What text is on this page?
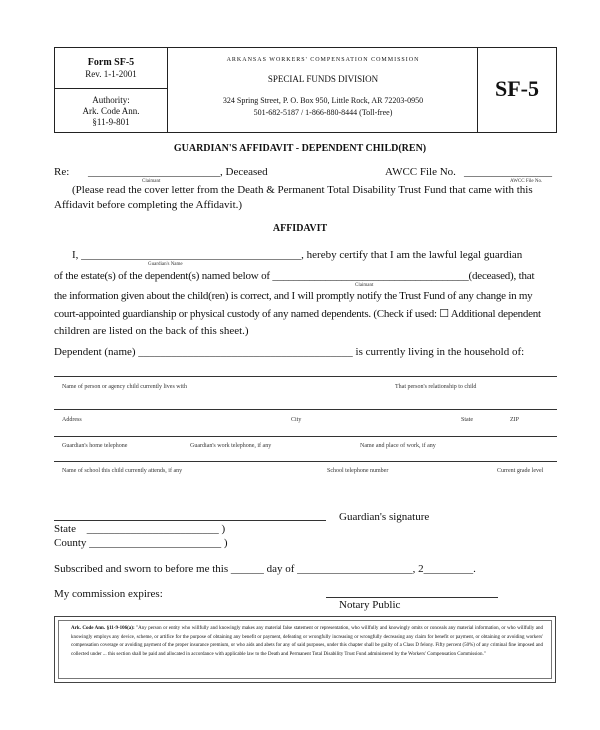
Form SF-5
Rev. 1-1-2001
Authority:
Ark. Code Ann.
§11-9-801
ARKANSAS WORKERS' COMPENSATION COMMISSION
SPECIAL FUNDS DIVISION
324 Spring Street, P. O. Box 950, Little Rock, AR 72203-0950
501-682-5187 / 1-866-880-8444 (Toll-free)
SF-5
GUARDIAN'S AFFIDAVIT - DEPENDENT CHILD(REN)
Re: ________________________, Deceased
Claimant
AWCC File No. ________________
AWCC File No.
(Please read the cover letter from the Death & Permanent Total Disability Trust Fund that came with this
Affidavit before completing the Affidavit.)
AFFIDAVIT
I, ________________________________________, hereby certify that I am the lawful legal guardian
Guardian's Name
of the estate(s) of the dependent(s) named below of _____________________________________(deceased), that
Claimant
the information given about the child(ren) is correct, and I will promptly notify the Trust Fund of any change in my
court-appointed guardianship or physical custody of any named dependents. (Check if used: ☐ Additional dependent
children are listed on the back of this sheet.)
Dependent (name) _______________________________________ is currently living in the household of:
Name of person or agency child currently lives with	That person's relationship to child
Address	City	State	ZIP
Guardian's home telephone	Guardian's work telephone, if any	Name and place of work, if any
Name of school this child currently attends, if any	School telephone number	Current grade level
Guardian's signature
State ________________________ )
County ________________________ )
Subscribed and sworn to before me this ______ day of _____________________, 2_________.
My commission expires:
Notary Public
Ark. Code Ann. §11-9-106(a): "Any person or entity who willfully and knowingly makes any material false statement or representation, who willfully and knowingly omits or conceals any material information, or who willfully and knowingly employs any device, scheme, or artifice for the purpose of obtaining any benefit or payment, defeating or wrongfully increasing or wrongfully decreasing any claim for benefit or payment, or obtaining or avoiding workers' compensation coverage or avoiding payment of the proper insurance premium, or who aids and abets for any of said purposes, under this chapter shall be guilty of a Class D felony. Fifty percent (50%) of any criminal fine imposed and collected under ... this section shall be paid and allocated in accordance with applicable law to the Death and Permanent Total Disability Trust Fund administered by the Workers' Compensation Commission."
